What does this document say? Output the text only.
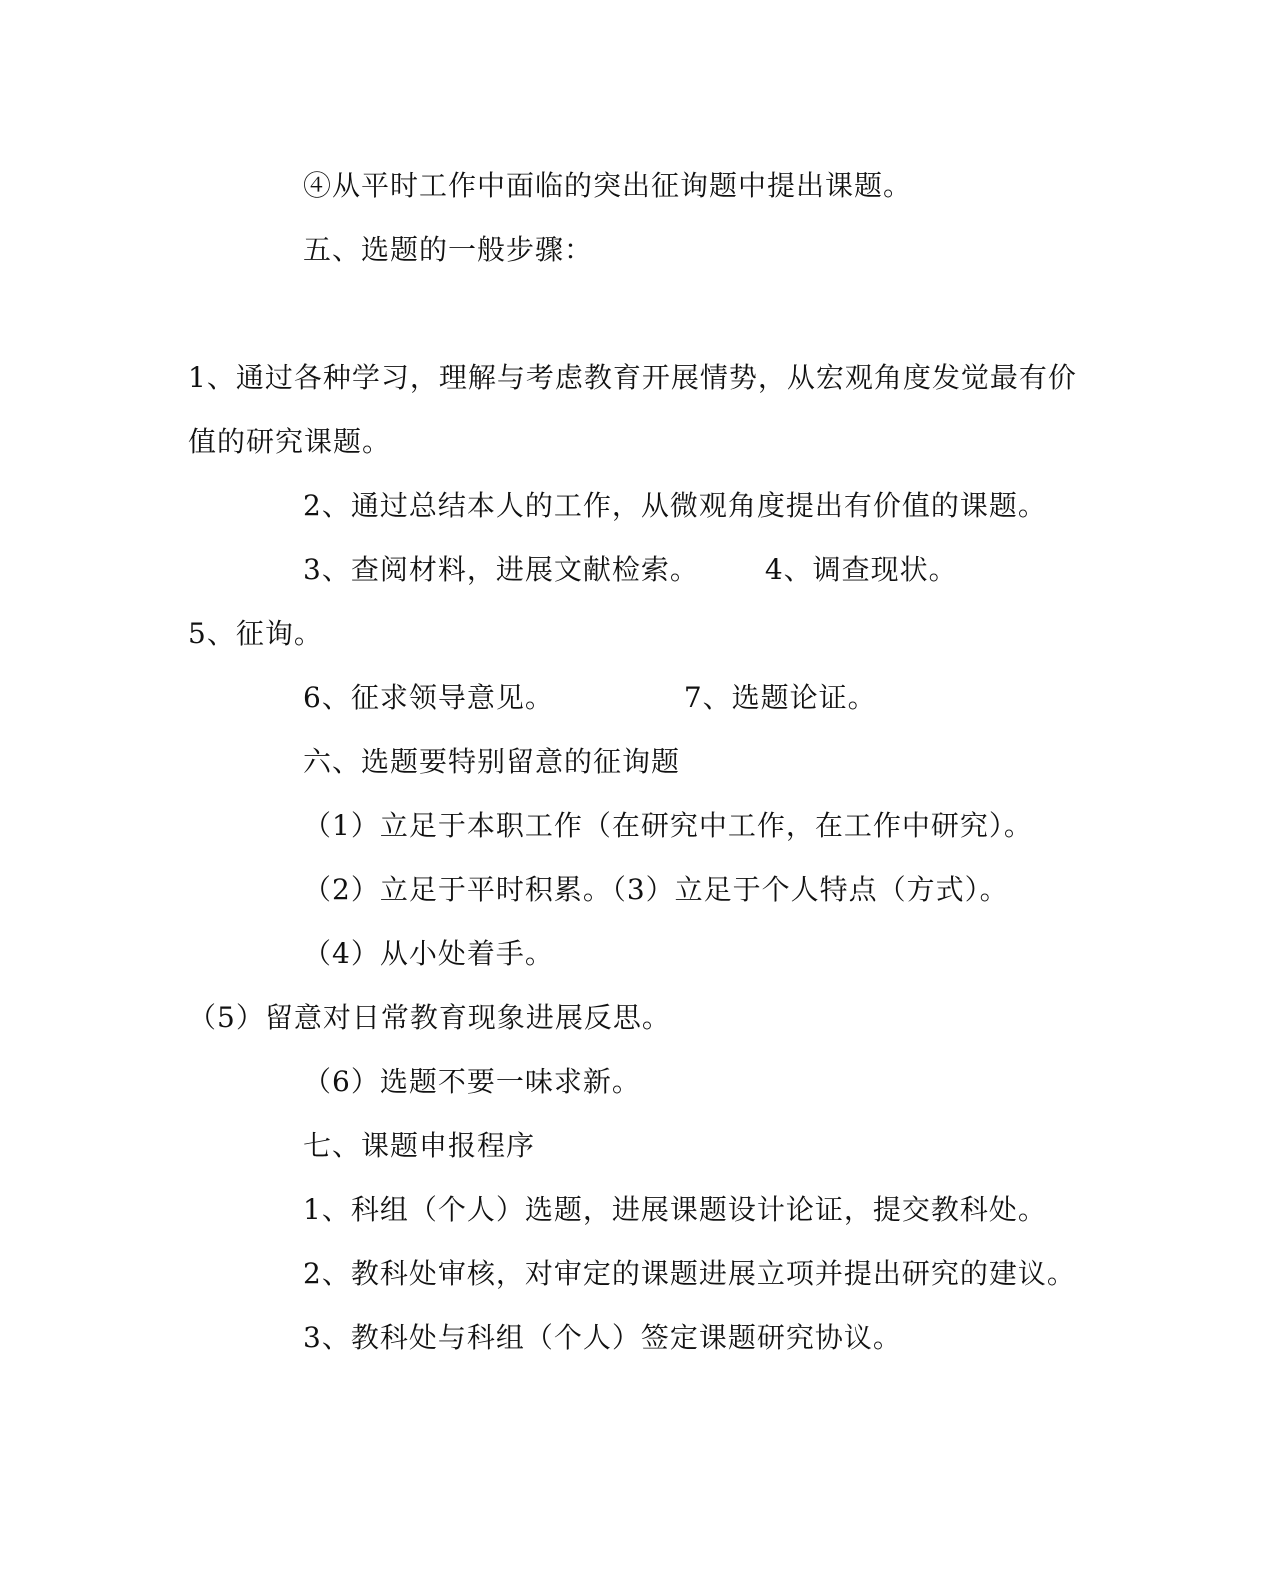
④从平时工作中面临的突出征询题中提出课题。
五、选题的一般步骤：
1、通过各种学习，理解与考虑教育开展情势，从宏观角度发觉最有价
值的研究课题。
2、通过总结本人的工作，从微观角度提出有价值的课题。
3、查阅材料，进展文献检索。 4、调查现状。
5、征询。
6、征求领导意见。	7、选题论证。
六、选题要特别留意的征询题
（1）立足于本职工作（在研究中工作，在工作中研究）。
（2）立足于平时积累。（3）立足于个人特点（方式）。
（4）从小处着手。
（5）留意对日常教育现象进展反思。
（6）选题不要一味求新。
七、课题申报程序
1、科组（个人）选题，进展课题设计论证，提交教科处。
2、教科处审核，对审定的课题进展立项并提出研究的建议。
3、教科处与科组（个人）签定课题研究协议。
